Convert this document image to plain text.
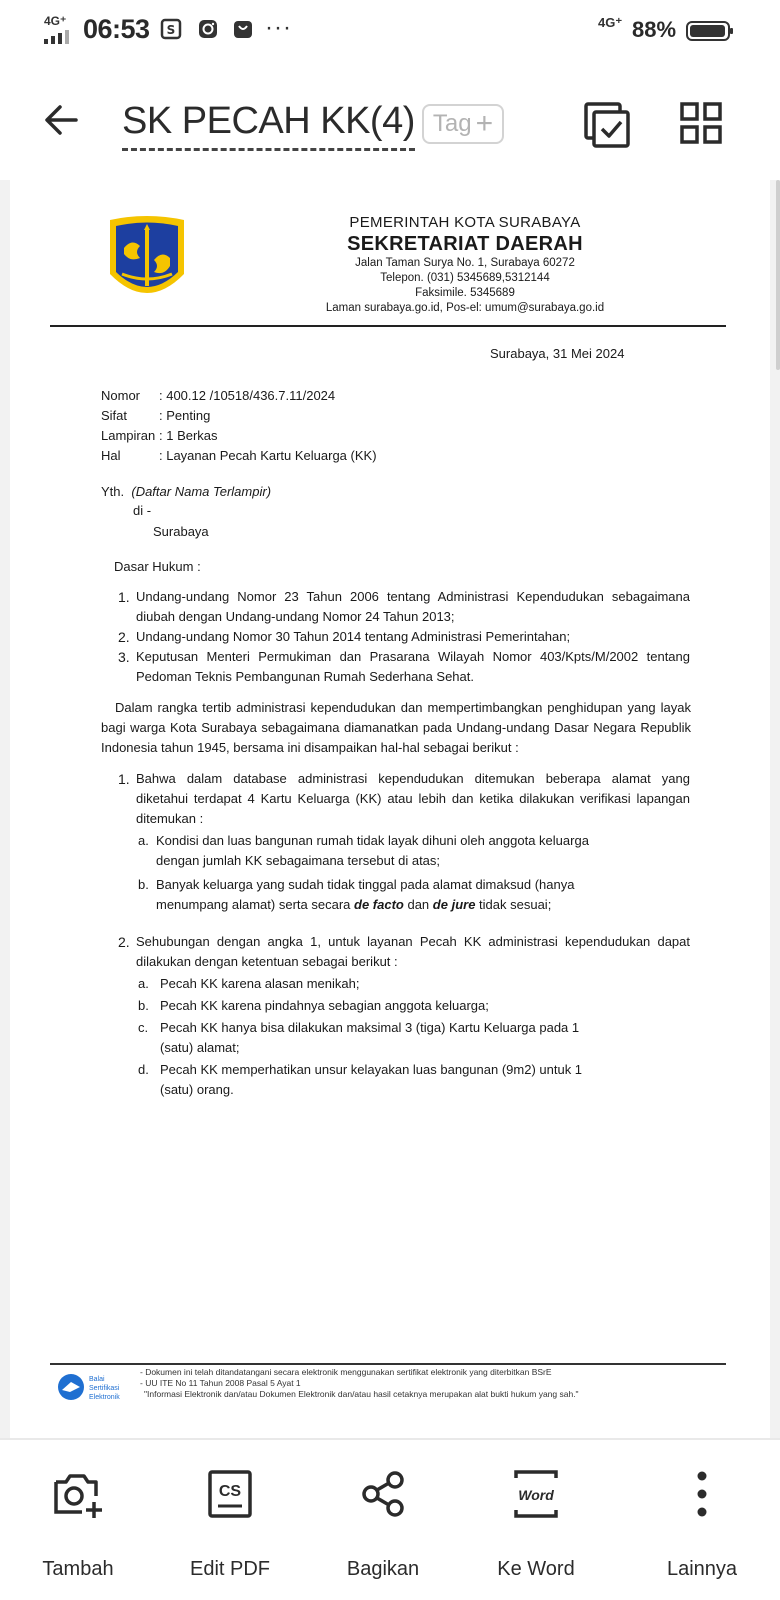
4G⁺ 06:53 S	···	4G⁺ 88%
SK PECAH KK(4) Tag +
PEMERINTAH KOTA SURABAYA
SEKRETARIAT DAERAH
Jalan Taman Surya No. 1, Surabaya 60272
Telepon. (031) 5345689,5312144
Faksimile. 5345689
Laman surabaya.go.id, Pos-el: umum@surabaya.go.id
Surabaya, 31 Mei 2024
Nomor	: 400.12 /10518/436.7.11/2024
Sifat	: Penting
Lampiran : 1 Berkas
Hal	: Layanan Pecah Kartu Keluarga (KK)
Yth. (Daftar Nama Terlampir)
di -
Surabaya
Dasar Hukum :
1. Undang-undang Nomor 23 Tahun 2006 tentang Administrasi Kependudukan sebagaimana
diubah dengan Undang-undang Nomor 24 Tahun 2013;
2. Undang-undang Nomor 30 Tahun 2014 tentang Administrasi Pemerintahan;
3. Keputusan Menteri Permukiman dan Prasarana Wilayah Nomor 403/Kpts/M/2002 tentang
Pedoman Teknis Pembangunan Rumah Sederhana Sehat.
Dalam rangka tertib administrasi kependudukan dan mempertimbangkan penghidupan yang layak
bagi warga Kota Surabaya sebagaimana diamanatkan pada Undang-undang Dasar Negara Republik
Indonesia tahun 1945, bersama ini disampaikan hal-hal sebagai berikut :
1. Bahwa dalam database administrasi kependudukan ditemukan beberapa alamat yang
diketahui terdapat 4 Kartu Keluarga (KK) atau lebih dan ketika dilakukan verifikasi lapangan
ditemukan :
a. Kondisi dan luas bangunan rumah tidak layak dihuni oleh anggota keluarga
dengan jumlah KK sebagaimana tersebut di atas;
b. Banyak keluarga yang sudah tidak tinggal pada alamat dimaksud (hanya
menumpang alamat) serta secara de facto dan de jure tidak sesuai;
2. Sehubungan dengan angka 1, untuk layanan Pecah KK administrasi kependudukan dapat
dilakukan dengan ketentuan sebagai berikut :
a. Pecah KK karena alasan menikah;
b. Pecah KK karena pindahnya sebagian anggota keluarga;
c. Pecah KK hanya bisa dilakukan maksimal 3 (tiga) Kartu Keluarga pada 1
(satu) alamat;
d. Pecah KK memperhatikan unsur kelayakan luas bangunan (9m2) untuk 1
(satu) orang.
Balai
Sertifikasi
Elektronik
- Dokumen ini telah ditandatangani secara elektronik menggunakan sertifikat elektronik yang diterbitkan BSrE
- UU ITE No 11 Tahun 2008 Pasal 5 Ayat 1
"Informasi Elektronik dan/atau Dokumen Elektronik dan/atau hasil cetaknya merupakan alat bukti hukum yang sah."
Tambah
CS
Edit PDF	Bagikan
Word
Ke Word	Lainnya
